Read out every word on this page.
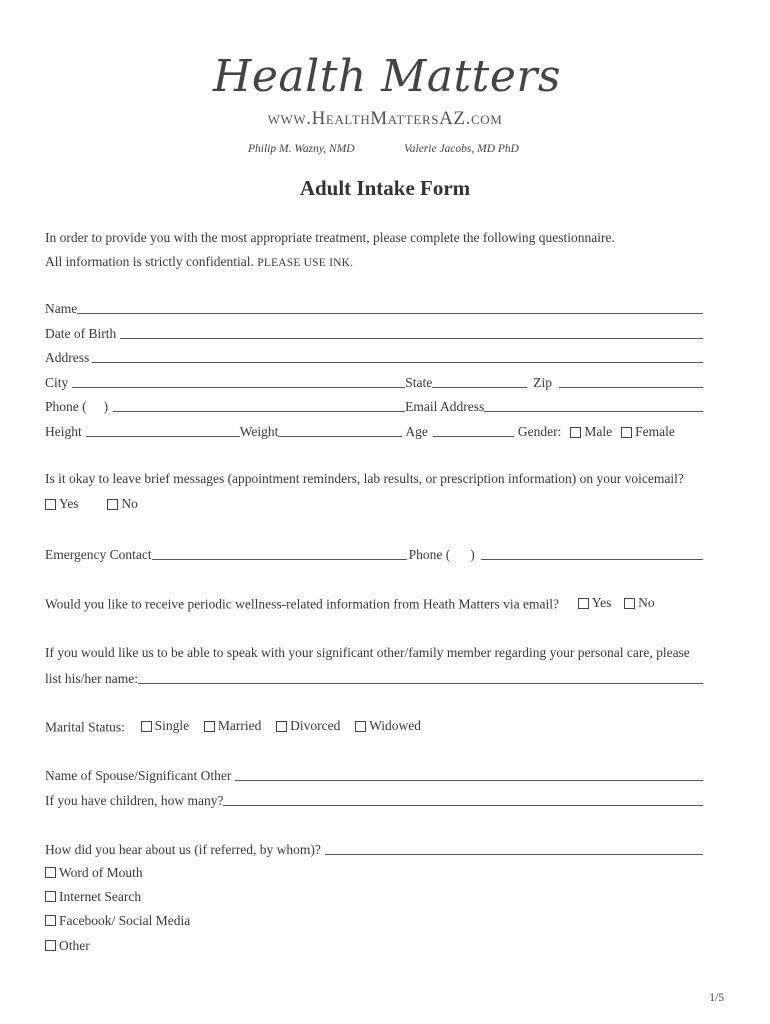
Health Matters
www.HealthMattersAZ.com
Philip M. Wazny, NMD	Valerie Jacobs, MD PhD
Adult Intake Form
In order to provide you with the most appropriate treatment, please complete the following questionnaire.
All information is strictly confidential. PLEASE USE INK.
Name
Date of Birth
Address
City	State	Zip
Phone ( )	Email Address
Height	Weight	Age	Gender: Male Female
Is it okay to leave brief messages (appointment reminders, lab results, or prescription information) on your voicemail?
Yes
	No
Emergency Contact	Phone ( )
Would you like to receive periodic wellness-related information from Heath Matters via email? Yes
No
If you would like us to be able to speak with your significant other/family member regarding your personal care, please
list his/her name:
Marital Status: Single
Married
Divorced
Widowed
Name of Spouse/Significant Other
If you have children, how many?
How did you hear about us (if referred, by whom)?
Word of Mouth
Internet Search
Facebook/ Social Media
Other
1/5
